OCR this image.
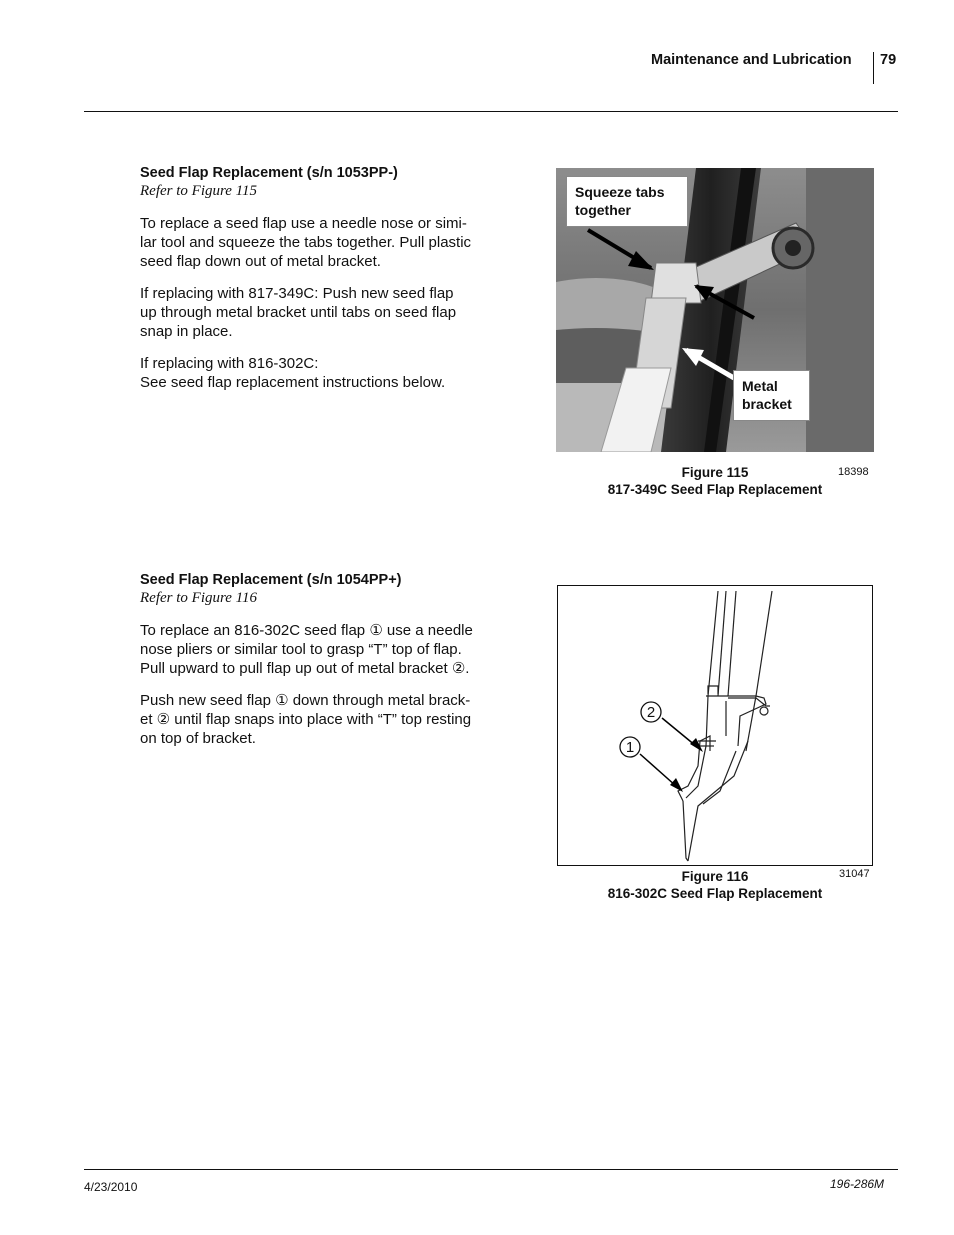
Maintenance and Lubrication 79
Seed Flap Replacement (s/n 1053PP-)
Refer to Figure 115

To replace a seed flap use a needle nose or simi-
lar tool and squeeze the tabs together. Pull plastic
seed flap down out of metal bracket.

If replacing with 817-349C: Push new seed flap
up through metal bracket until tabs on seed flap
snap in place.

If replacing with 816-302C:
See seed flap replacement instructions below.

Squeeze tabs
together
Metal
bracket
Figure 115
817-349C Seed Flap Replacement
18398
Seed Flap Replacement (s/n 1054PP+)
Refer to Figure 116

To replace an 816-302C seed flap ① use a needle
nose pliers or similar tool to grasp “T” top of flap.
Pull upward to pull flap up out of metal bracket ②.

Push new seed flap ① down through metal brack-
et ② until flap snaps into place with “T” top resting
on top of bracket.

2
1
Figure 116
816-302C Seed Flap Replacement
31047
4/23/2010	196-286M
